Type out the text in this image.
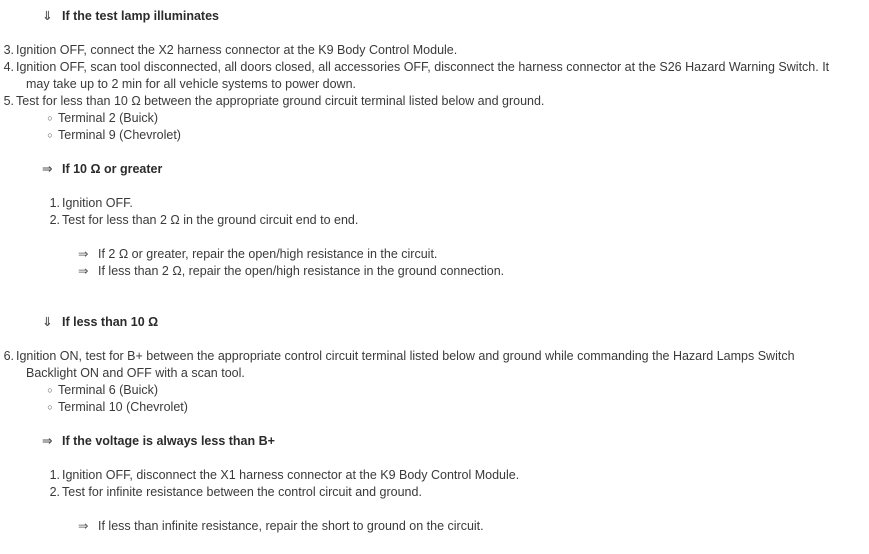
⇓ If the test lamp illuminates
3. Ignition OFF, connect the X2 harness connector at the K9 Body Control Module.
4. Ignition OFF, scan tool disconnected, all doors closed, all accessories OFF, disconnect the harness connector at the S26 Hazard Warning Switch. It
may take up to 2 min for all vehicle systems to power down.
5. Test for less than 10 Ω between the appropriate ground circuit terminal listed below and ground.
○ Terminal 2 (Buick)
○ Terminal 9 (Chevrolet)
⇒ If 10 Ω or greater
1. Ignition OFF.
2. Test for less than 2 Ω in the ground circuit end to end.
⇒ If 2 Ω or greater, repair the open/high resistance in the circuit.
⇒ If less than 2 Ω, repair the open/high resistance in the ground connection.
⇓ If less than 10 Ω
6. Ignition ON, test for B+ between the appropriate control circuit terminal listed below and ground while commanding the Hazard Lamps Switch
Backlight ON and OFF with a scan tool.
○ Terminal 6 (Buick)
○ Terminal 10 (Chevrolet)
⇒ If the voltage is always less than B+
1. Ignition OFF, disconnect the X1 harness connector at the K9 Body Control Module.
2. Test for infinite resistance between the control circuit and ground.
⇒ If less than infinite resistance, repair the short to ground on the circuit.
